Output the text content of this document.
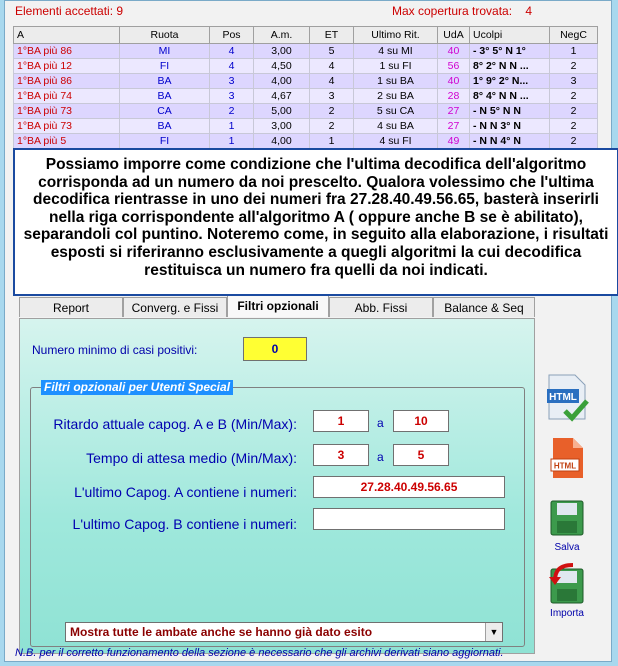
Elementi accettati: 9	Max copertura trovata: 4
A	Ruota	Pos	A.m.	ET	Ultimo Rit.	UdA	Ucolpi	NegC
1°BA più 86	MI	4	3,00	5	4 su MI	40	- 3° 5° N 1°	1
1°BA più 12	FI	4	4,50	4	1 su FI	56	8° 2° N N ...	2
1°BA più 86	BA	3	4,00	4	1 su BA	40	1° 9° 2° N...	3
1°BA più 74	BA	3	4,67	3	2 su BA	28	8° 4° N N ...	2
1°BA più 73	CA	2	5,00	2	5 su CA	27	- N 5° N N	2
1°BA più 73	BA	1	3,00	2	4 su BA	27	- N N 3° N	2
1°BA più 5	FI	1	4,00	1	4 su FI	49	- N N 4° N	2

Possiamo imporre come condizione che l'ultima decodifica dell'algoritmo corrisponda ad un numero da noi prescelto. Qualora volessimo che l'ultima decodifica rientrasse in uno dei numeri fra 27.28.40.49.56.65, basterà inserirli nella riga corrispondente all'algoritmo A ( oppure anche B se è abilitato), separandoli col puntino. Noteremo come, in seguito alla elaborazione, i risultati esposti si riferiranno esclusivamente a quegli algoritmi la cui decodifica restituisca un numero fra quelli da noi indicati.

Report	Converg. e Fissi	Filtri opzionali	Abb. Fissi	Balance & Seq
Numero minimo di casi positivi:	0
Filtri opzionali per Utenti Special
Ritardo attuale capog. A e B (Min/Max):	1	a	10
Tempo di attesa medio (Min/Max):	3	a	5
L'ultimo Capog. A contiene i numeri:	27.28.40.49.56.65
L'ultimo Capog. B contiene i numeri:
Mostra tutte le ambate anche se hanno già dato esito	▼
HTML
HTML
Salva
Importa
N.B. per il corretto funzionamento della sezione è necessario che gli archivi derivati siano aggiornati.
